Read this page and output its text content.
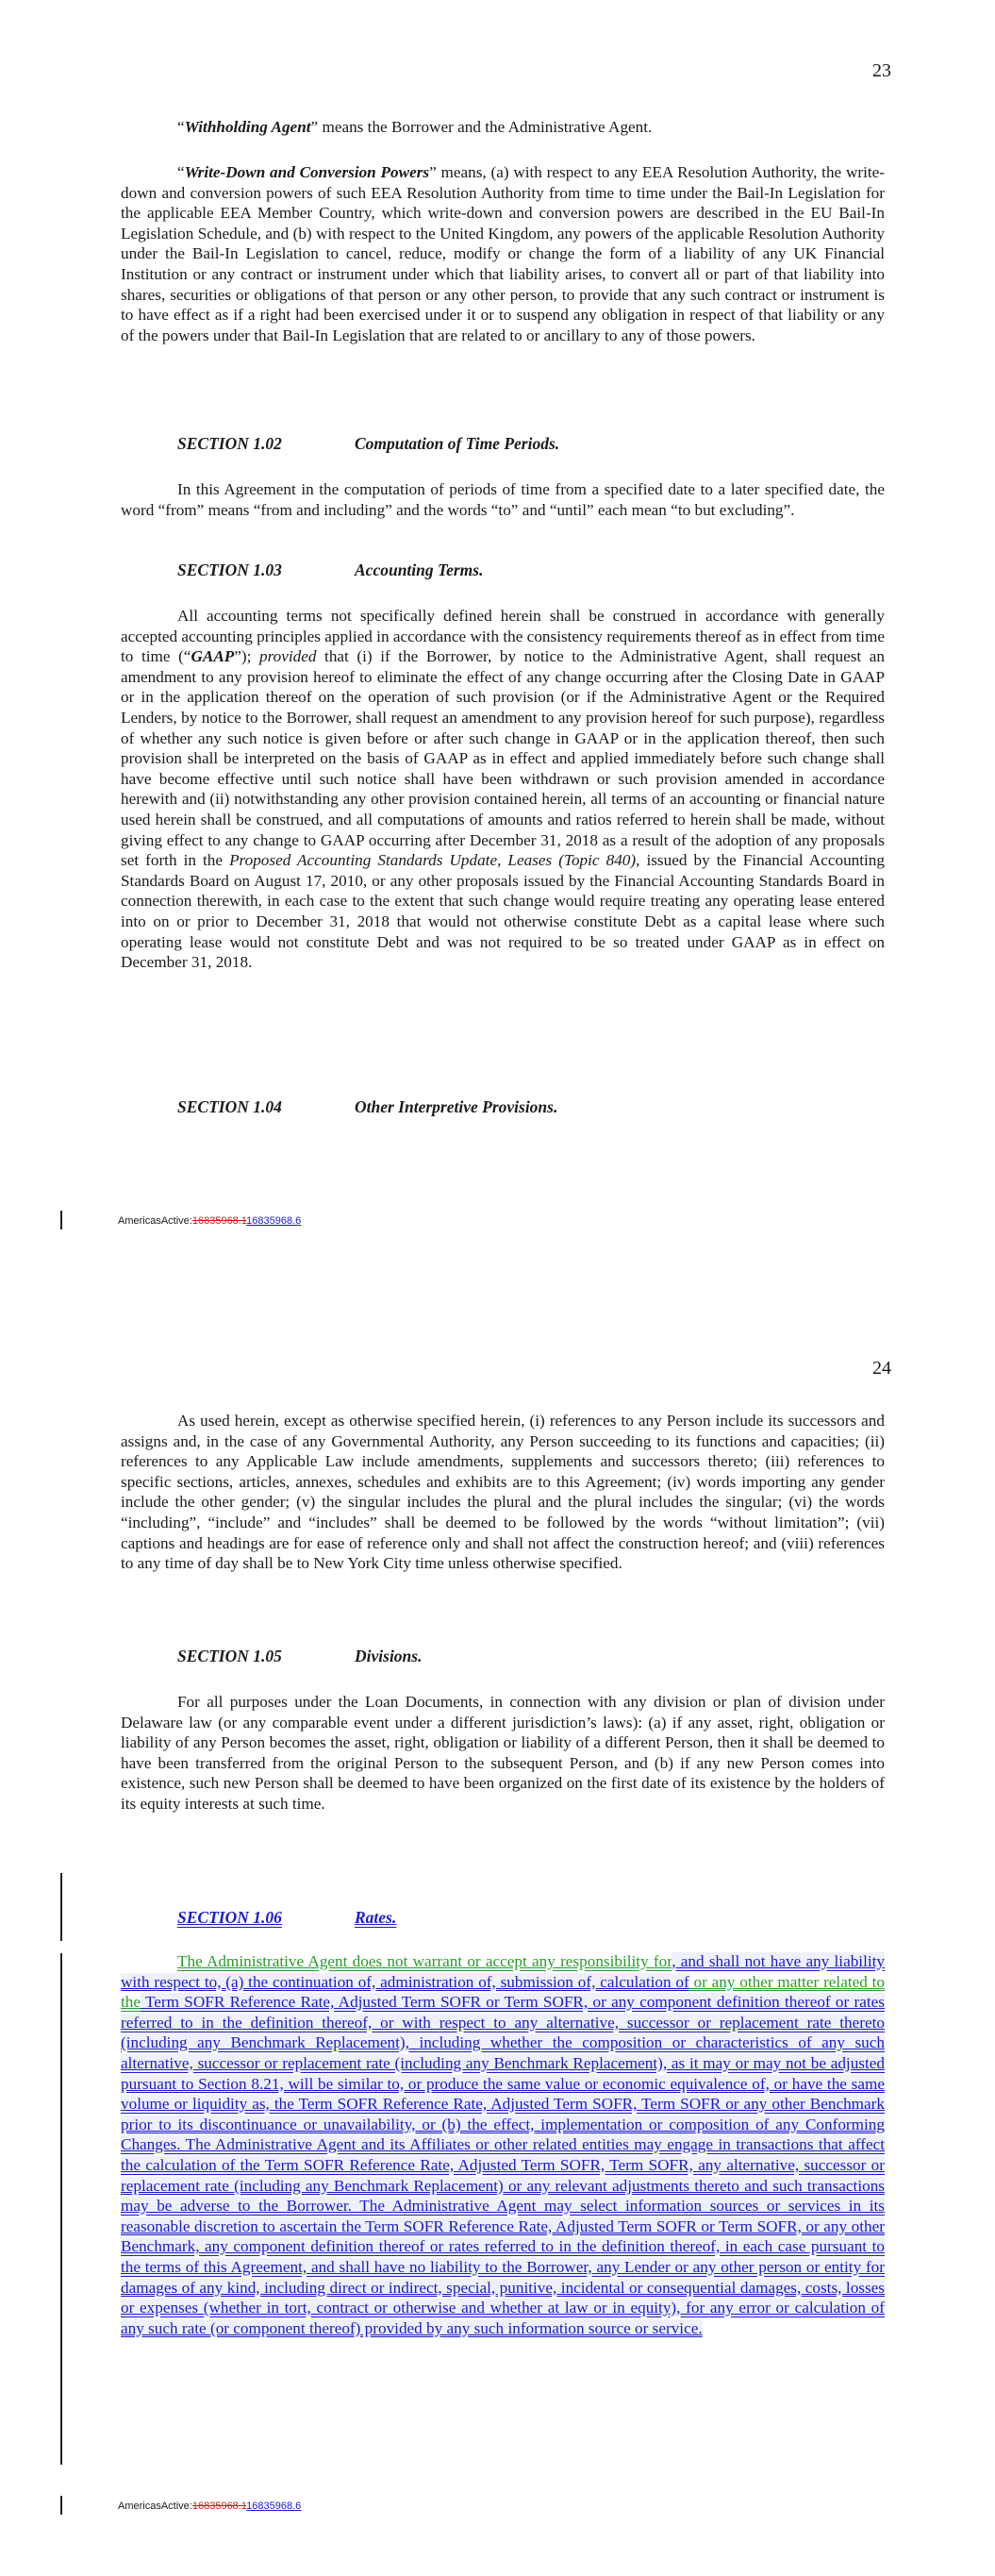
23

“Withholding Agent” means the Borrower and the Administrative Agent.

“Write-Down and Conversion Powers” means, (a) with respect to any EEA Resolution Authority, the write-down and conversion powers of such EEA Resolution Authority from time to time under the Bail-In Legislation for the applicable EEA Member Country, which write-down and conversion powers are described in the EU Bail-In Legislation Schedule, and (b) with respect to the United Kingdom, any powers of the applicable Resolution Authority under the Bail-In Legislation to cancel, reduce, modify or change the form of a liability of any UK Financial Institution or any contract or instrument under which that liability arises, to convert all or part of that liability into shares, securities or obligations of that person or any other person, to provide that any such contract or instrument is to have effect as if a right had been exercised under it or to suspend any obligation in respect of that liability or any of the powers under that Bail-In Legislation that are related to or ancillary to any of those powers.

SECTION 1.02	Computation of Time Periods.

In this Agreement in the computation of periods of time from a specified date to a later specified date, the word “from” means “from and including” and the words “to” and “until” each mean “to but excluding”.

SECTION 1.03	Accounting Terms.

All accounting terms not specifically defined herein shall be construed in accordance with generally accepted accounting principles applied in accordance with the consistency requirements thereof as in effect from time to time (“GAAP”); provided that (i) if the Borrower, by notice to the Administrative Agent, shall request an amendment to any provision hereof to eliminate the effect of any change occurring after the Closing Date in GAAP or in the application thereof on the operation of such provision (or if the Administrative Agent or the Required Lenders, by notice to the Borrower, shall request an amendment to any provision hereof for such purpose), regardless of whether any such notice is given before or after such change in GAAP or in the application thereof, then such provision shall be interpreted on the basis of GAAP as in effect and applied immediately before such change shall have become effective until such notice shall have been withdrawn or such provision amended in accordance herewith and (ii) notwithstanding any other provision contained herein, all terms of an accounting or financial nature used herein shall be construed, and all computations of amounts and ratios referred to herein shall be made, without giving effect to any change to GAAP occurring after December 31, 2018 as a result of the adoption of any proposals set forth in the Proposed Accounting Standards Update, Leases (Topic 840), issued by the Financial Accounting Standards Board on August 17, 2010, or any other proposals issued by the Financial Accounting Standards Board in connection therewith, in each case to the extent that such change would require treating any operating lease entered into on or prior to December 31, 2018 that would not otherwise constitute Debt as a capital lease where such operating lease would not constitute Debt and was not required to be so treated under GAAP as in effect on December 31, 2018.

SECTION 1.04	Other Interpretive Provisions.
AmericasActive:16835968.116835968.6
24

As used herein, except as otherwise specified herein, (i) references to any Person include its successors and assigns and, in the case of any Governmental Authority, any Person succeeding to its functions and capacities; (ii) references to any Applicable Law include amendments, supplements and successors thereto; (iii) references to specific sections, articles, annexes, schedules and exhibits are to this Agreement; (iv) words importing any gender include the other gender; (v) the singular includes the plural and the plural includes the singular; (vi) the words “including”, “include” and “includes” shall be deemed to be followed by the words “without limitation”; (vii) captions and headings are for ease of reference only and shall not affect the construction hereof; and (viii) references to any time of day shall be to New York City time unless otherwise specified.

SECTION 1.05	Divisions.

For all purposes under the Loan Documents, in connection with any division or plan of division under Delaware law (or any comparable event under a different jurisdiction’s laws): (a) if any asset, right, obligation or liability of any Person becomes the asset, right, obligation or liability of a different Person, then it shall be deemed to have been transferred from the original Person to the subsequent Person, and (b) if any new Person comes into existence, such new Person shall be deemed to have been organized on the first date of its existence by the holders of its equity interests at such time.

SECTION 1.06	Rates.

The Administrative Agent does not warrant or accept any responsibility for, and shall not have any liability with respect to, (a) the continuation of, administration of, submission of, calculation of or any other matter related to the Term SOFR Reference Rate, Adjusted Term SOFR or Term SOFR, or any component definition thereof or rates referred to in the definition thereof, or with respect to any alternative, successor or replacement rate thereto (including any Benchmark Replacement), including whether the composition or characteristics of any such alternative, successor or replacement rate (including any Benchmark Replacement), as it may or may not be adjusted pursuant to Section 8.21, will be similar to, or produce the same value or economic equivalence of, or have the same volume or liquidity as, the Term SOFR Reference Rate, Adjusted Term SOFR, Term SOFR or any other Benchmark prior to its discontinuance or unavailability, or (b) the effect, implementation or composition of any Conforming Changes. The Administrative Agent and its Affiliates or other related entities may engage in transactions that affect the calculation of the Term SOFR Reference Rate, Adjusted Term SOFR, Term SOFR, any alternative, successor or replacement rate (including any Benchmark Replacement) or any relevant adjustments thereto and such transactions may be adverse to the Borrower. The Administrative Agent may select information sources or services in its reasonable discretion to ascertain the Term SOFR Reference Rate, Adjusted Term SOFR or Term SOFR, or any other Benchmark, any component definition thereof or rates referred to in the definition thereof, in each case pursuant to the terms of this Agreement, and shall have no liability to the Borrower, any Lender or any other person or entity for damages of any kind, including direct or indirect, special, punitive, incidental or consequential damages, costs, losses or expenses (whether in tort, contract or otherwise and whether at law or in equity), for any error or calculation of any such rate (or component thereof) provided by any such information source or service.

AmericasActive:16835968.116835968.6
